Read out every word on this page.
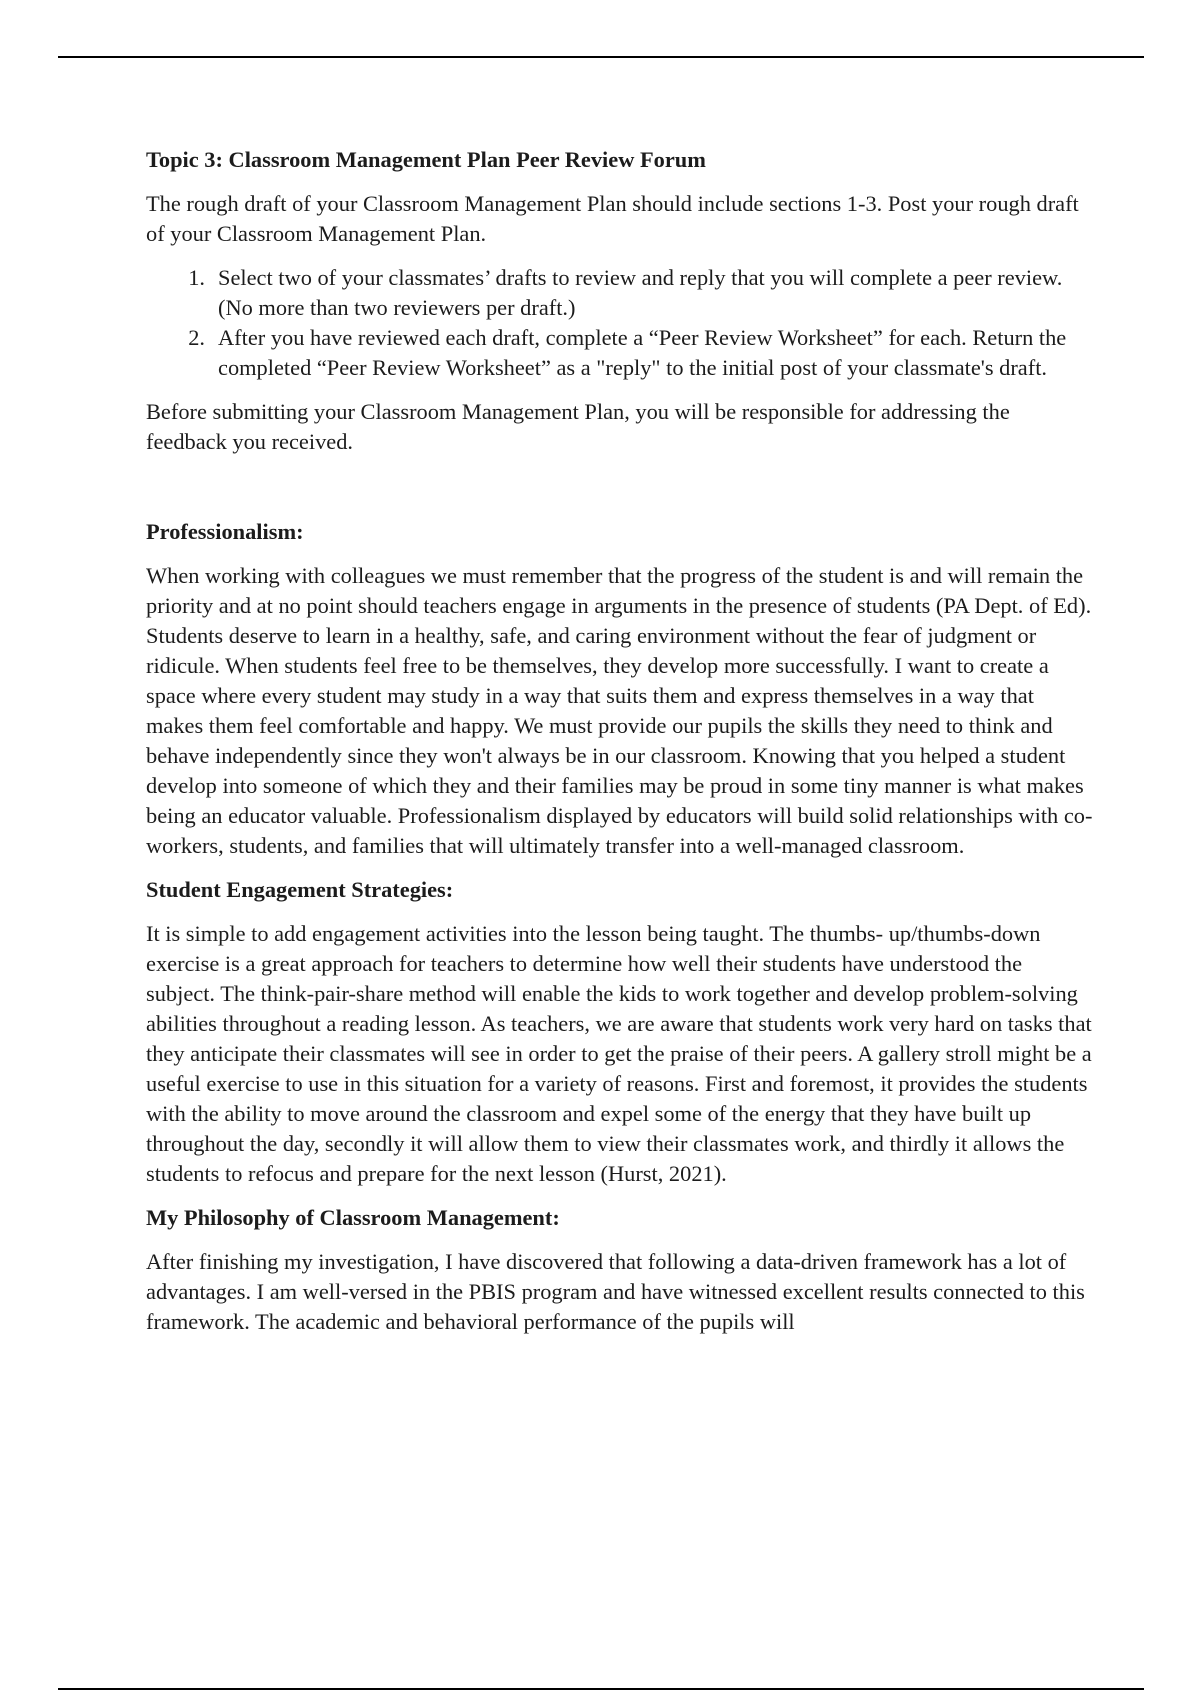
Topic 3: Classroom Management Plan Peer Review Forum

The rough draft of your Classroom Management Plan should include sections 1-3. Post your rough draft of your Classroom Management Plan.

1. Select two of your classmates’ drafts to review and reply that you will complete a peer review. (No more than two reviewers per draft.)
2. After you have reviewed each draft, complete a “Peer Review Worksheet” for each. Return the completed “Peer Review Worksheet” as a "reply" to the initial post of your classmate's draft.

Before submitting your Classroom Management Plan, you will be responsible for addressing the feedback you received.

Professionalism:

When working with colleagues we must remember that the progress of the student is and will remain the priority and at no point should teachers engage in arguments in the presence of students (PA Dept. of Ed). Students deserve to learn in a healthy, safe, and caring environment without the fear of judgment or ridicule. When students feel free to be themselves, they develop more successfully. I want to create a space where every student may study in a way that suits them and express themselves in a way that makes them feel comfortable and happy. We must provide our pupils the skills they need to think and behave independently since they won't always be in our classroom. Knowing that you helped a student develop into someone of which they and their families may be proud in some tiny manner is what makes being an educator valuable. Professionalism displayed by educators will build solid relationships with co-workers, students, and families that will ultimately transfer into a well-managed classroom.

Student Engagement Strategies:

It is simple to add engagement activities into the lesson being taught. The thumbs- up/thumbs-down exercise is a great approach for teachers to determine how well their students have understood the subject. The think-pair-share method will enable the kids to work together and develop problem-solving abilities throughout a reading lesson. As teachers, we are aware that students work very hard on tasks that they anticipate their classmates will see in order to get the praise of their peers. A gallery stroll might be a useful exercise to use in this situation for a variety of reasons. First and foremost, it provides the students with the ability to move around the classroom and expel some of the energy that they have built up throughout the day, secondly it will allow them to view their classmates work, and thirdly it allows the students to refocus and prepare for the next lesson (Hurst, 2021).

My Philosophy of Classroom Management:

After finishing my investigation, I have discovered that following a data-driven framework has a lot of advantages. I am well-versed in the PBIS program and have witnessed excellent results connected to this framework. The academic and behavioral performance of the pupils will
